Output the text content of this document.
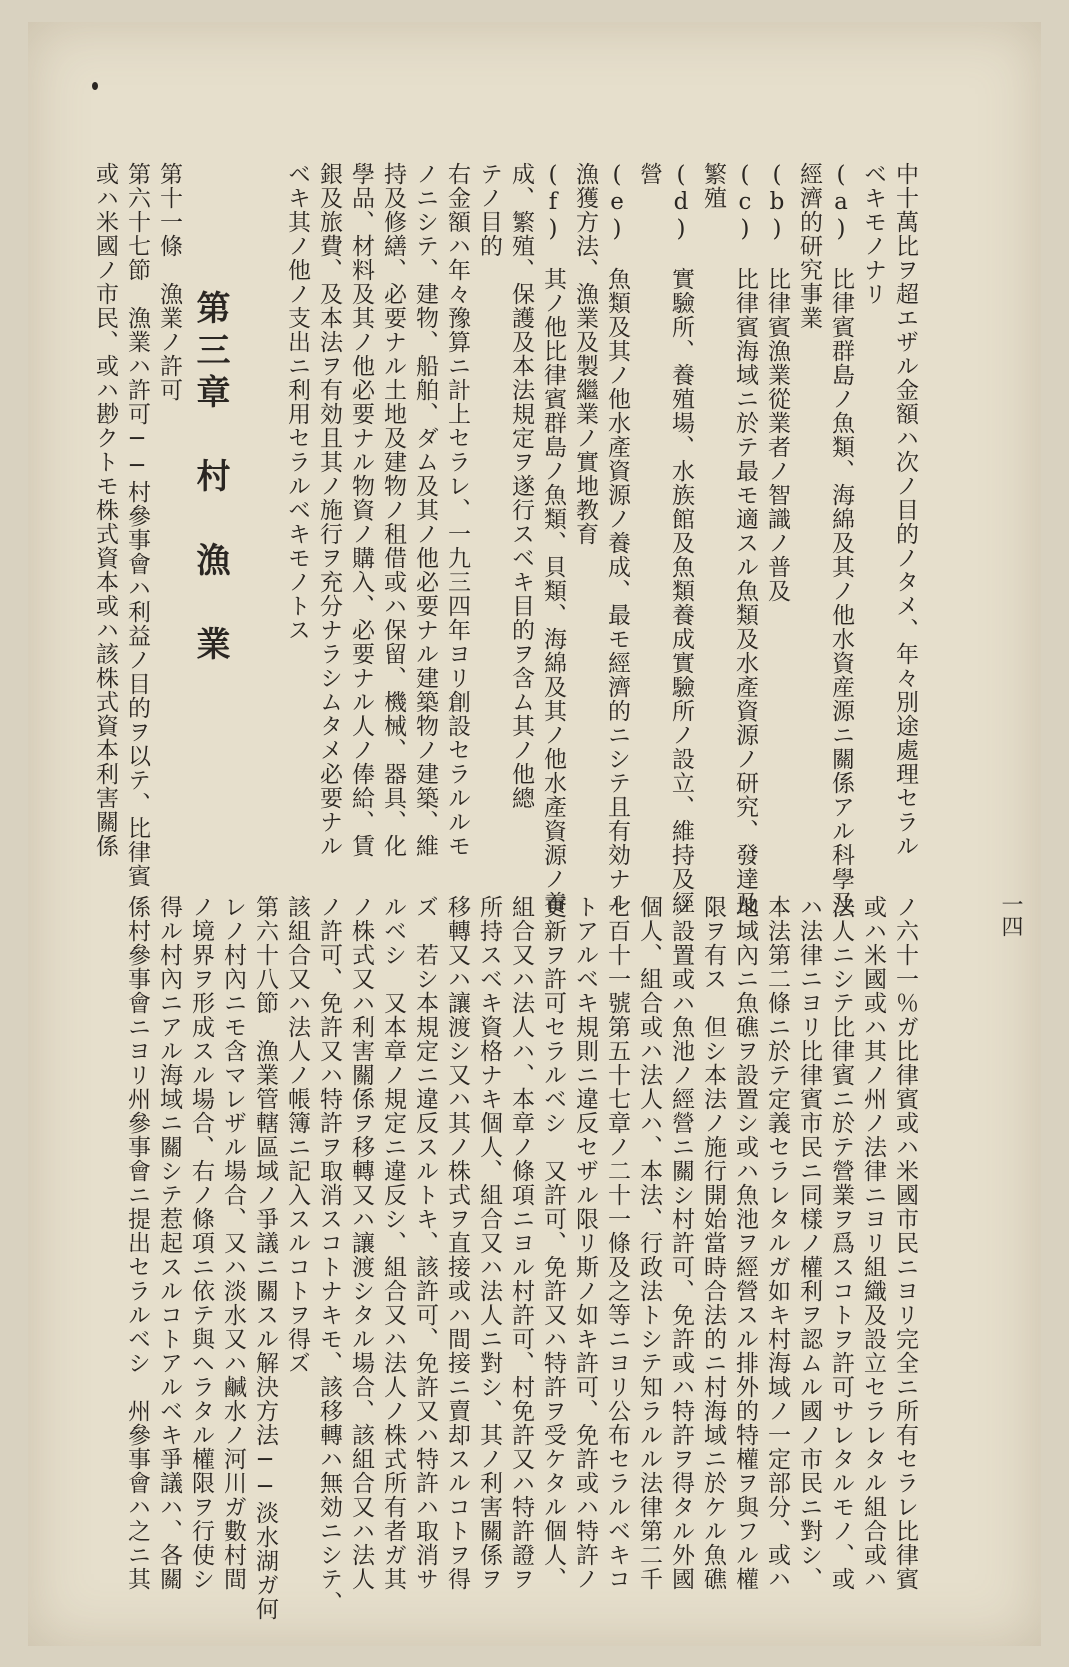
一四
中十萬比ヲ超エザル金額ハ次ノ目的ノタメ、年々別途處理セラル
ベキモノナリ
(a)　比律賓群島ノ魚類、海綿及其ノ他水資産源ニ關係アル科學及
經濟的研究事業
(b)　比律賓漁業從業者ノ智識ノ普及
(c)　比律賓海域ニ於テ最モ適スル魚類及水產資源ノ研究、發達及
繁殖
(d)　實驗所、養殖場、水族館及魚類養成實驗所ノ設立、維持及經
營
(e)　魚類及其ノ他水產資源ノ養成、最モ經濟的ニシテ且有効ナル
漁獲方法、漁業及製繼業ノ實地教育
(f)　其ノ他比律賓群島ノ魚類、貝類、海綿及其ノ他水產資源ノ養
成、繁殖、保護及本法規定ヲ遂行スベキ目的ヲ含ム其ノ他總
テノ目的
右金額ハ年々豫算ニ計上セラレ、一九三四年ヨリ創設セラルルモ
ノニシテ、建物、船舶、ダム及其ノ他必要ナル建築物ノ建築、維
持及修繕、必要ナル土地及建物ノ租借或ハ保留、機械、器具、化
學品、材料及其ノ他必要ナル物資ノ購入、必要ナル人ノ俸給、賃
銀及旅費、及本法ヲ有効且其ノ施行ヲ充分ナラシムタメ必要ナル
ベキ其ノ他ノ支出ニ利用セラルベキモノトス
第十一條　漁業ノ許可
第六十七節　漁業ハ許可──村參事會ハ利益ノ目的ヲ以テ、比律賓
或ハ米國ノ市民、或ハ尠クトモ株式資本或ハ該株式資本利害關係 第三章　村　漁　業
ノ六十一％ガ比律賓或ハ米國市民ニヨリ完全ニ所有セラレ比律賓
或ハ米國或ハ其ノ州ノ法律ニヨリ組織及設立セラレタル組合或ハ
法人ニシテ比律賓ニ於テ營業ヲ爲スコトヲ許可サレタルモノ、或
ハ法律ニヨリ比律賓市民ニ同樣ノ權利ヲ認ムル國ノ市民ニ對シ、
本法第二條ニ於テ定義セラレタルガ如キ村海域ノ一定部分、或ハ
地域內ニ魚礁ヲ設置シ或ハ魚池ヲ經營スル排外的特權ヲ與フル權
限ヲ有ス　但シ本法ノ施行開始當時合法的ニ村海域ニ於ケル魚礁
ノ設置或ハ魚池ノ經營ニ關シ村許可、免許或ハ特許ヲ得タル外國
個人、組合或ハ法人ハ、本法、行政法トシテ知ラルル法律第二千
七百十一號第五十七章ノ二十一條及之等ニヨリ公布セラルベキコ
トアルベキ規則ニ違反セザル限リ斯ノ如キ許可、免許或ハ特許ノ
更新ヲ許可セラルベシ　又許可、免許又ハ特許ヲ受ケタル個人、
組合又ハ法人ハ、本章ノ條項ニヨル村許可、村免許又ハ特許證ヲ
所持スベキ資格ナキ個人、組合又ハ法人ニ對シ、其ノ利害關係ヲ
移轉又ハ讓渡シ又ハ其ノ株式ヲ直接或ハ間接ニ賣却スルコトヲ得
ズ　若シ本規定ニ違反スルトキ、該許可、免許又ハ特許ハ取消サ
ルベシ　又本章ノ規定ニ違反シ、組合又ハ法人ノ株式所有者ガ其
ノ株式又ハ利害關係ヲ移轉又ハ讓渡シタル場合、該組合又ハ法人
ノ許可、免許又ハ特許ヲ取消スコトナキモ、該移轉ハ無効ニシテ、
該組合又ハ法人ノ帳簿ニ記入スルコトヲ得ズ
第六十八節　漁業管轄區域ノ爭議ニ關スル解決方法──淡水湖ガ何
レノ村內ニモ含マレザル場合、又ハ淡水又ハ鹹水ノ河川ガ數村間
ノ境界ヲ形成スル場合、右ノ條項ニ依テ與ヘラタル權限ヲ行使シ
得ル村內ニアル海域ニ關シテ惹起スルコトアルベキ爭議ハ、各關
係村參事會ニヨリ州參事會ニ提出セラルベシ　州參事會ハ之ニ其
